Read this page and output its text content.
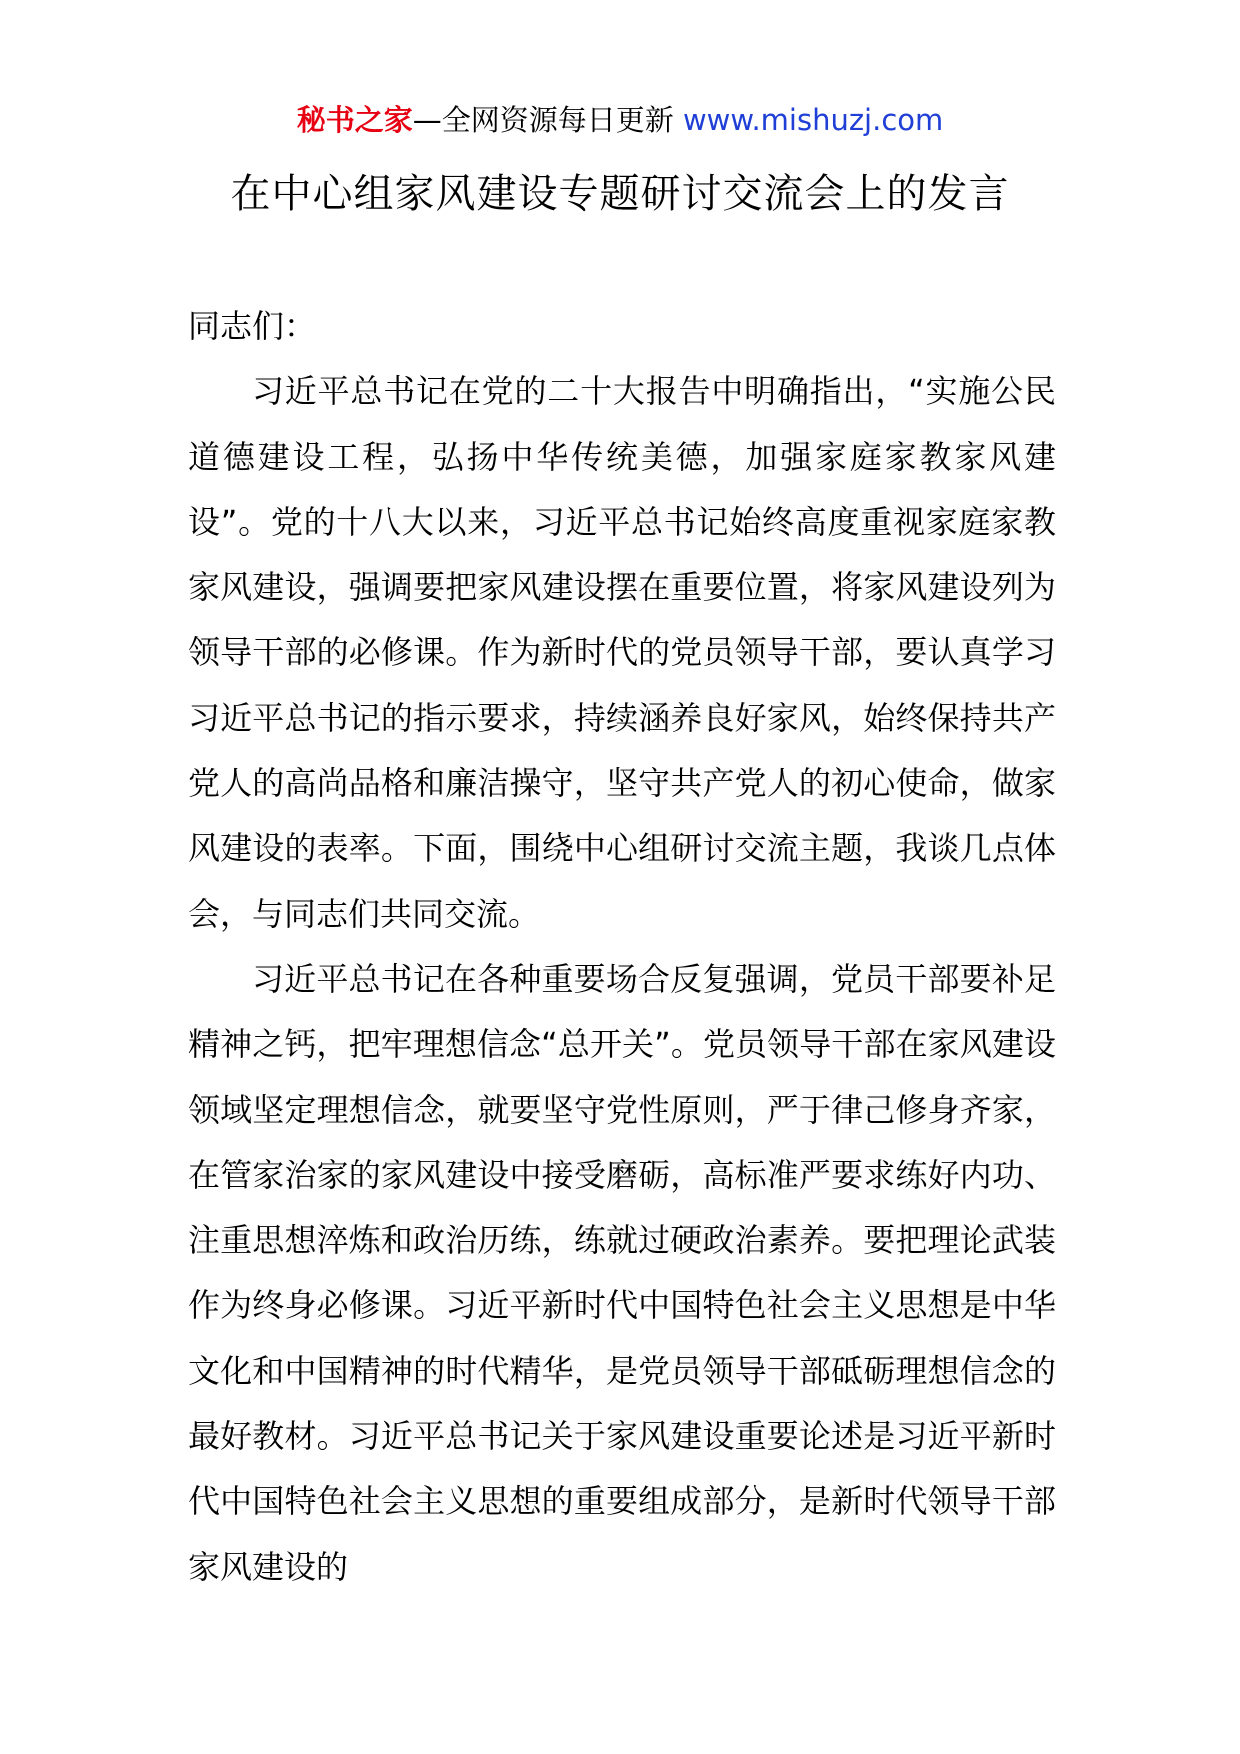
秘书之家—全网资源每日更新 www.mishuzj.com
在中心组家风建设专题研讨交流会上的发言

同志们：

习近平总书记在党的二十大报告中明确指出，“实施公民道德建设工程，弘扬中华传统美德，加强家庭家教家风建设”。党的十八大以来，习近平总书记始终高度重视家庭家教家风建设，强调要把家风建设摆在重要位置，将家风建设列为领导干部的必修课。作为新时代的党员领导干部，要认真学习习近平总书记的指示要求，持续涵养良好家风，始终保持共产党人的高尚品格和廉洁操守，坚守共产党人的初心使命，做家风建设的表率。下面，围绕中心组研讨交流主题，我谈几点体会，与同志们共同交流。

习近平总书记在各种重要场合反复强调，党员干部要补足精神之钙，把牢理想信念“总开关”。党员领导干部在家风建设领域坚定理想信念，就要坚守党性原则，严于律己修身齐家，在管家治家的家风建设中接受磨砺，高标准严要求练好内功、注重思想淬炼和政治历练，练就过硬政治素养。要把理论武装作为终身必修课。习近平新时代中国特色社会主义思想是中华文化和中国精神的时代精华，是党员领导干部砥砺理想信念的最好教材。习近平总书记关于家风建设重要论述是习近平新时代中国特色社会主义思想的重要组成部分，是新时代领导干部家风建设的
